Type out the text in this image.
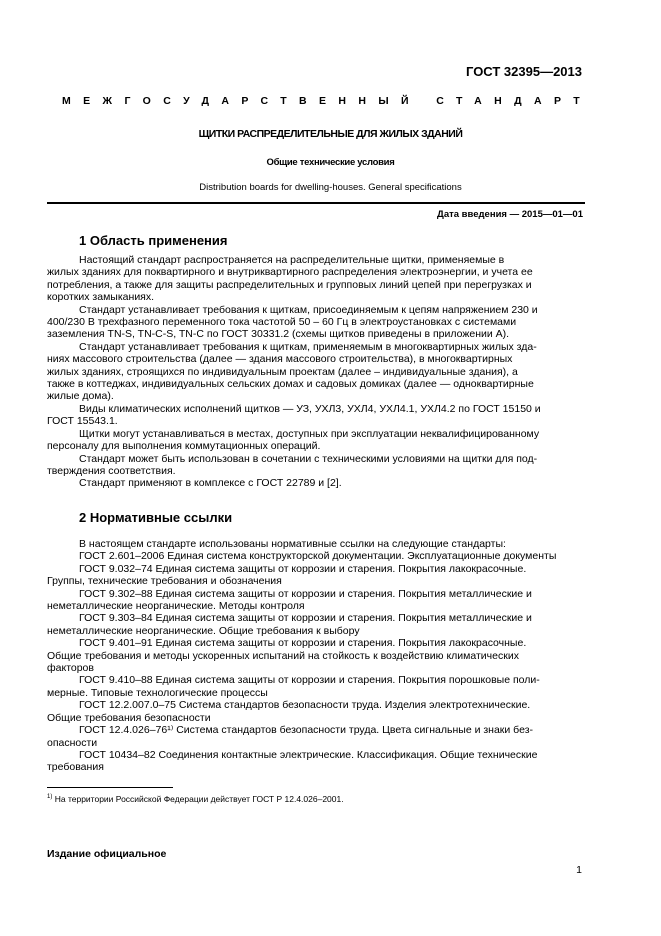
ГОСТ 32395—2013
МЕЖГОСУДАРСТВЕННЫЙ СТАНДАРТ
ЩИТКИ РАСПРЕДЕЛИТЕЛЬНЫЕ ДЛЯ ЖИЛЫХ ЗДАНИЙ
Общие технические условия
Distribution boards for dwelling-houses. General specifications
Дата введения — 2015—01—01
1 Область применения

Настоящий стандарт распространяется на распределительные щитки, применяемые в
жилых зданиях для поквартирного и внутриквартирного распределения электроэнергии, и учета ее
потребления, а также для защиты распределительных и групповых линий цепей при перегрузках и
коротких замыканиях.

Стандарт устанавливает требования к щиткам, присоединяемым к цепям напряжением 230 и
400/230 В трехфазного переменного тока частотой 50 – 60 Гц в электроустановках с системами
заземления TN-S, TN-C-S, TN-C по ГОСТ 30331.2 (схемы щитков приведены в приложении А).

Стандарт устанавливает требования к щиткам, применяемым в многоквартирных жилых зда-
ниях массового строительства (далее — здания массового строительства), в многоквартирных
жилых зданиях, строящихся по индивидуальным проектам (далее – индивидуальные здания), а
также в коттеджах, индивидуальных сельских домах и садовых домиках (далее — одноквартирные
жилые дома).

Виды климатических исполнений щитков — УЗ, УХЛ3, УХЛ4, УХЛ4.1, УХЛ4.2 по ГОСТ 15150 и
ГОСТ 15543.1.

Щитки могут устанавливаться в местах, доступных при эксплуатации неквалифицированному
персоналу для выполнения коммутационных операций.

Стандарт может быть использован в сочетании с техническими условиями на щитки для под-
тверждения соответствия.

Стандарт применяют в комплексе с ГОСТ 22789 и [2].

2 Нормативные ссылки

В настоящем стандарте использованы нормативные ссылки на следующие стандарты:

ГОСТ 2.601–2006 Единая система конструкторской документации. Эксплуатационные документы

ГОСТ 9.032–74 Единая система защиты от коррозии и старения. Покрытия лакокрасочные.
Группы, технические требования и обозначения

ГОСТ 9.302–88 Единая система защиты от коррозии и старения. Покрытия металлические и
неметаллические неорганические. Методы контроля

ГОСТ 9.303–84 Единая система защиты от коррозии и старения. Покрытия металлические и
неметаллические неорганические. Общие требования к выбору

ГОСТ 9.401–91 Единая система защиты от коррозии и старения. Покрытия лакокрасочные.
Общие требования и методы ускоренных испытаний на стойкость к воздействию климатических
факторов

ГОСТ 9.410–88 Единая система защиты от коррозии и старения. Покрытия порошковые поли-
мерные. Типовые технологические процессы

ГОСТ 12.2.007.0–75 Система стандартов безопасности труда. Изделия электротехнические.
Общие требования безопасности

ГОСТ 12.4.026–76¹⁾ Система стандартов безопасности труда. Цвета сигнальные и знаки без-
опасности

ГОСТ 10434–82 Соединения контактные электрические. Классификация. Общие технические
требования

$^{1)}$ На территории Российской Федерации действует ГОСТ Р 12.4.026–2001.
Издание официальное
1
